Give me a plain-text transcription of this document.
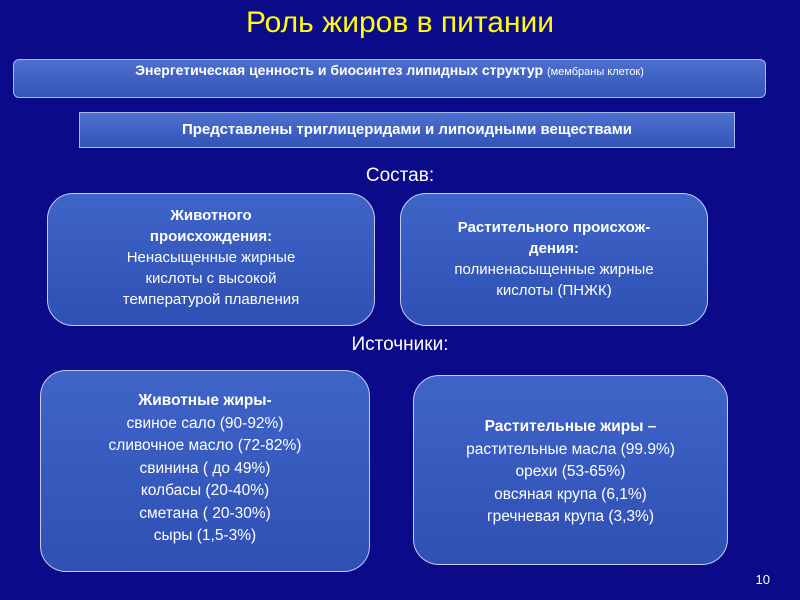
Роль жиров в питании
Энергетическая ценность и биосинтез липидных структур (мембраны клеток)
Представлены триглицеридами и липоидными веществами
Состав:
Животного
происхождения:
Ненасыщенные жирные
кислоты с высокой
температурой плавления
Растительного происхож-
дения:
полиненасыщенные жирные
кислоты (ПНЖК)
Источники:
Животные жиры-
свиное сало (90-92%)
сливочное масло (72-82%)
свинина ( до 49%)
колбасы (20-40%)
сметана ( 20-30%)
сыры (1,5-3%)
Растительные жиры –
растительные масла (99.9%)
орехи (53-65%)
овсяная крупа (6,1%)
гречневая крупа (3,3%)
10
